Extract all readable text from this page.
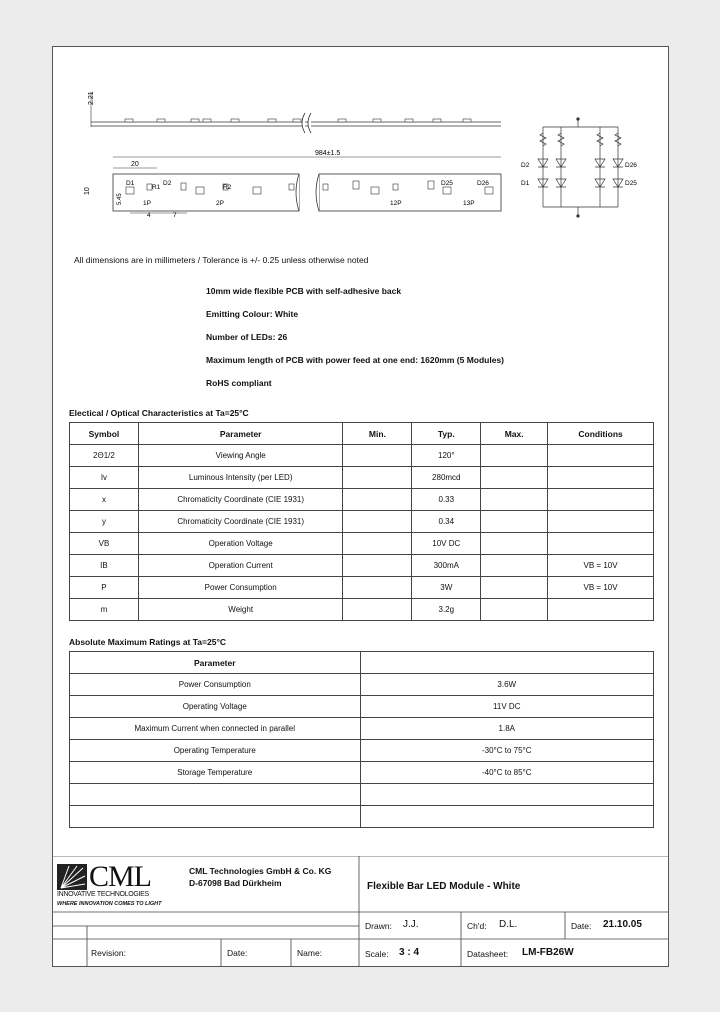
2.21
984±1.5
20
10
5.45
D1
R1
D2
R2
D25	D26
1P	2P	12P	13P
4	7
D2
D1
D26
D25
All dimensions are in millimeters / Tolerance is +/- 0.25 unless otherwise noted
10mm wide flexible PCB with self-adhesive back
Emitting Colour: White
Number of LEDs: 26
Maximum length of PCB with power feed at one end: 1620mm (5 Modules)
RoHS compliant
Electical / Optical Characteristics at Ta=25°C
Symbol	Parameter	Min.	Typ.	Max.	Conditions
2Θ1/2	Viewing Angle		120°		
Iv	Luminous Intensity (per LED)		280mcd		
x	Chromaticity Coordinate (CIE 1931)		0.33		
y	Chromaticity Coordinate (CIE 1931)		0.34		
VB	Operation Voltage		10V DC		
IB	Operation Current		300mA		VB = 10V
P	Power Consumption		3W		VB = 10V
m	Weight		3.2g		
Absolute Maximum Ratings at Ta=25°C
Parameter	
Power Consumption	3.6W
Operating Voltage	11V DC
Maximum Current when connected in parallel	1.8A
Operating Temperature	-30°C to 75°C
Storage Temperature	-40°C to 85°C

CML
INNOVATIVE TECHNOLOGIES
WHERE INNOVATION COMES TO LIGHT
CML Technologies GmbH & Co. KG
D-67098 Bad Dürkheim	Flexible Bar LED Module - White
Drawn: J.J.	Ch'd: D.L.	Date: 21.10.05
Revision:	Date:	Name:	Scale: 3 : 4	Datasheet: LM-FB26W
